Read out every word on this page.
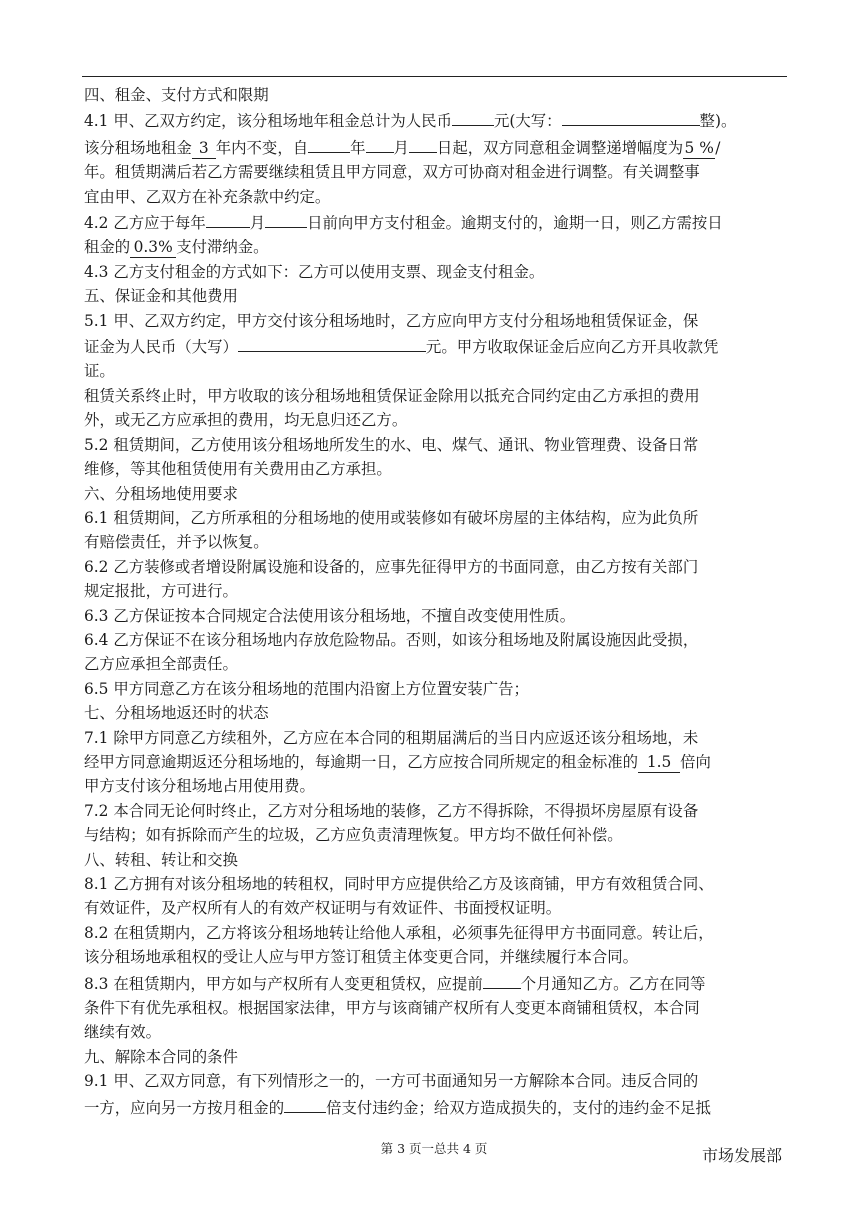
四、租金、支付方式和限期

4.1 甲、乙双方约定，该分租场地年租金总计为人民币	元(大写：	整)。

该分租场地租金 3 年内不变，自	年 月 日起，双方同意租金调整递增幅度为5 %/

年。租赁期满后若乙方需要继续租赁且甲方同意，双方可协商对租金进行调整。有关调整事

宜由甲、乙双方在补充条款中约定。

4.2 乙方应于每年	月	日前向甲方支付租金。逾期支付的，逾期一日，则乙方需按日

租金的 0.3% 支付滞纳金。

4.3 乙方支付租金的方式如下：乙方可以使用支票、现金支付租金。

五、保证金和其他费用

5.1 甲、乙双方约定，甲方交付该分租场地时，乙方应向甲方支付分租场地租赁保证金，保

证金为人民币（大写）	元。甲方收取保证金后应向乙方开具收款凭

证。

租赁关系终止时，甲方收取的该分租场地租赁保证金除用以抵充合同约定由乙方承担的费用

外，或无乙方应承担的费用，均无息归还乙方。

5.2 租赁期间，乙方使用该分租场地所发生的水、电、煤气、通讯、物业管理费、设备日常

维修，等其他租赁使用有关费用由乙方承担。

六、分租场地使用要求

6.1 租赁期间，乙方所承租的分租场地的使用或装修如有破坏房屋的主体结构，应为此负所

有赔偿责任，并予以恢复。

6.2 乙方装修或者增设附属设施和设备的，应事先征得甲方的书面同意，由乙方按有关部门

规定报批，方可进行。

6.3 乙方保证按本合同规定合法使用该分租场地，不擅自改变使用性质。

6.4 乙方保证不在该分租场地内存放危险物品。否则，如该分租场地及附属设施因此受损，

乙方应承担全部责任。

6.5 甲方同意乙方在该分租场地的范围内沿窗上方位置安装广告；

七、分租场地返还时的状态

7.1 除甲方同意乙方续租外，乙方应在本合同的租期届满后的当日内应返还该分租场地，未

经甲方同意逾期返还分租场地的，每逾期一日，乙方应按合同所规定的租金标准的 1.5 倍向

甲方支付该分租场地占用使用费。

7.2 本合同无论何时终止，乙方对分租场地的装修，乙方不得拆除，不得损坏房屋原有设备

与结构；如有拆除而产生的垃圾，乙方应负责清理恢复。甲方均不做任何补偿。

八、转租、转让和交换

8.1 乙方拥有对该分租场地的转租权，同时甲方应提供给乙方及该商铺，甲方有效租赁合同、

有效证件，及产权所有人的有效产权证明与有效证件、书面授权证明。

8.2 在租赁期内，乙方将该分租场地转让给他人承租，必须事先征得甲方书面同意。转让后，

该分租场地承租权的受让人应与甲方签订租赁主体变更合同，并继续履行本合同。

8.3 在租赁期内，甲方如与产权所有人变更租赁权，应提前 个月通知乙方。乙方在同等

条件下有优先承租权。根据国家法律，甲方与该商铺产权所有人变更本商铺租赁权，本合同

继续有效。

九、解除本合同的条件

9.1 甲、乙双方同意，有下列情形之一的，一方可书面通知另一方解除本合同。违反合同的

一方，应向另一方按月租金的	倍支付违约金；给双方造成损失的，支付的违约金不足抵

第 3 页一总共 4 页	市场发展部
